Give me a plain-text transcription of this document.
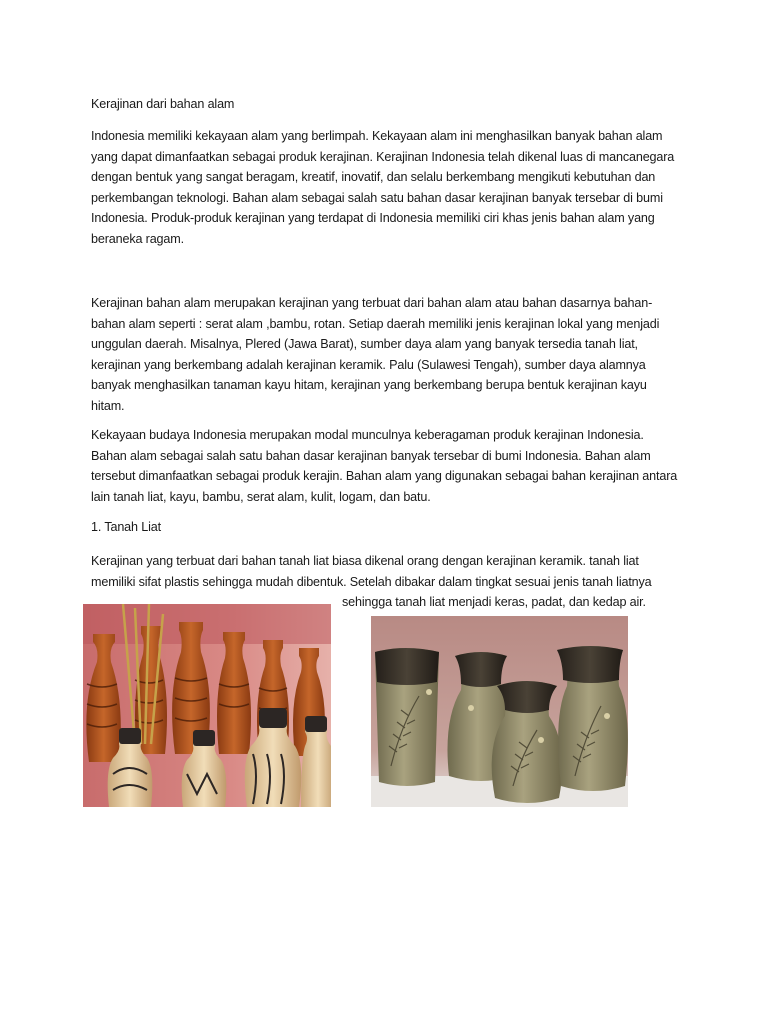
Kerajinan dari bahan alam
Indonesia memiliki kekayaan alam yang berlimpah. Kekayaan alam ini menghasilkan banyak bahan alam yang dapat dimanfaatkan sebagai produk kerajinan. Kerajinan Indonesia telah dikenal luas di mancanegara dengan bentuk yang sangat beragam, kreatif, inovatif, dan selalu berkembang mengikuti kebutuhan dan perkembangan teknologi. Bahan alam sebagai salah satu bahan dasar kerajinan banyak tersebar di bumi Indonesia. Produk-produk kerajinan yang terdapat di Indonesia memiliki ciri khas jenis bahan alam yang beraneka ragam.
Kerajinan bahan alam merupakan kerajinan yang terbuat dari bahan alam atau bahan dasarnya bahan-bahan alam seperti : serat alam ,bambu, rotan. Setiap daerah memiliki jenis kerajinan lokal yang menjadi unggulan daerah. Misalnya, Plered (Jawa Barat), sumber daya alam yang banyak tersedia tanah liat, kerajinan yang berkembang adalah kerajinan keramik. Palu (Sulawesi Tengah), sumber daya alamnya banyak menghasilkan tanaman kayu hitam, kerajinan yang berkembang berupa bentuk kerajinan kayu hitam.
Kekayaan budaya Indonesia merupakan modal munculnya keberagaman produk kerajinan Indonesia. Bahan alam sebagai salah satu bahan dasar kerajinan banyak tersebar di bumi Indonesia. Bahan alam tersebut dimanfaatkan sebagai produk kerajin. Bahan alam yang digunakan sebagai bahan kerajinan antara lain tanah liat, kayu, bambu, serat alam, kulit, logam, dan batu.
1. Tanah Liat
Kerajinan yang terbuat dari bahan tanah liat biasa dikenal orang dengan kerajinan keramik. tanah liat memiliki sifat plastis sehingga mudah dibentuk. Setelah dibakar dalam tingkat sesuai jenis tanah liatnya
sehingga tanah liat menjadi keras, padat, dan kedap air.
